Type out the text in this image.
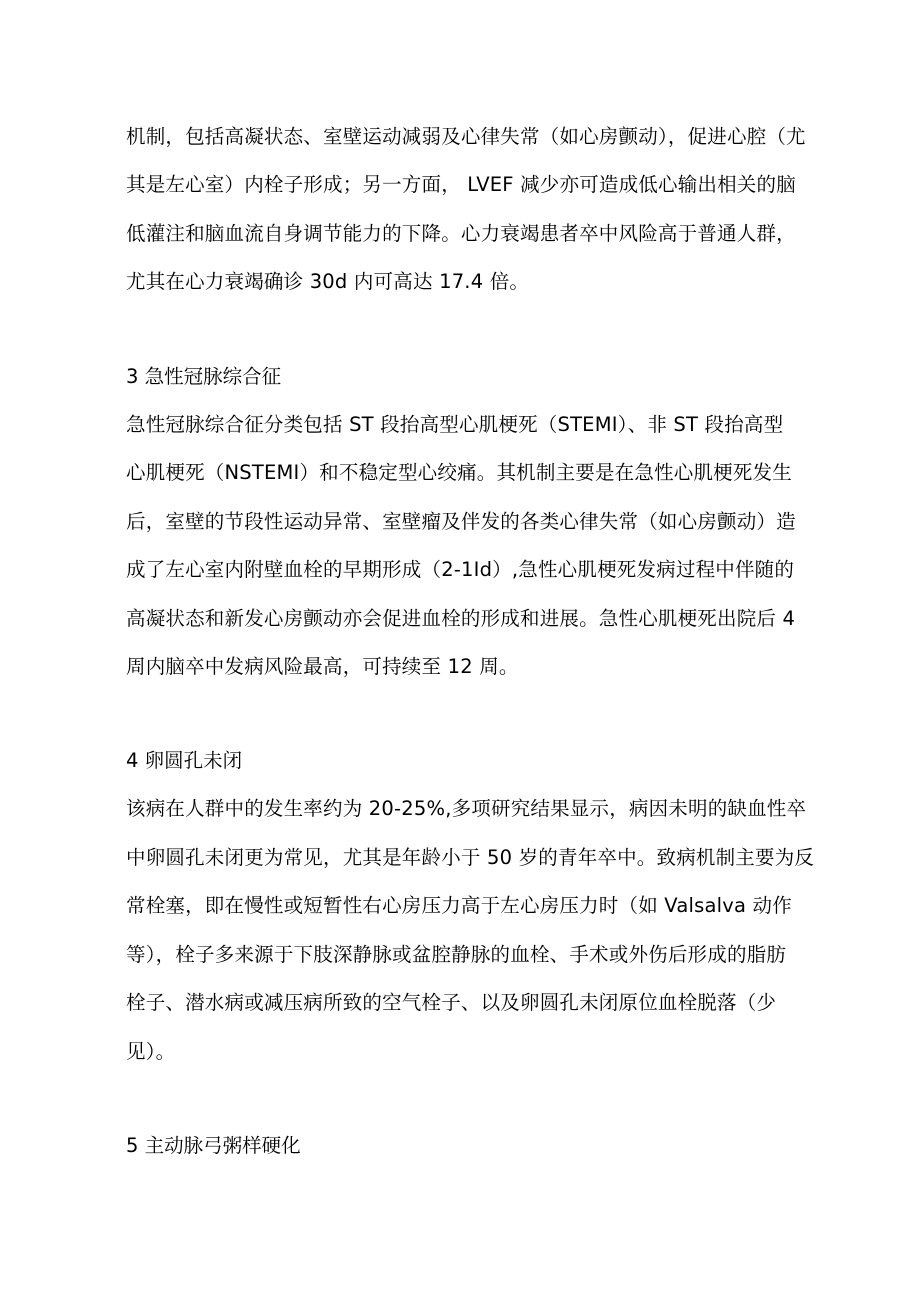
机制，包括高凝状态、室壁运动减弱及心律失常（如心房颤动），促进心腔（尤
其是左心室）内栓子形成；另一方面， LVEF 减少亦可造成低心输出相关的脑
低灌注和脑血流自身调节能力的下降。心力衰竭患者卒中风险高于普通人群，
尤其在心力衰竭确诊 30d 内可高达 17.4 倍。
3 急性冠脉综合征
急性冠脉综合征分类包括 ST 段抬高型心肌梗死（STEMI）、非 ST 段抬高型
心肌梗死（NSTEMI）和不稳定型心绞痛。其机制主要是在急性心肌梗死发生
后，室壁的节段性运动异常、室壁瘤及伴发的各类心律失常（如心房颤动）造
成了左心室内附壁血栓的早期形成（2-1Id）,急性心肌梗死发病过程中伴随的
高凝状态和新发心房颤动亦会促进血栓的形成和进展。急性心肌梗死出院后 4
周内脑卒中发病风险最高，可持续至 12 周。
4 卵圆孔未闭
该病在人群中的发生率约为 20-25%,多项研究结果显示，病因未明的缺血性卒
中卵圆孔未闭更为常见，尤其是年龄小于 50 岁的青年卒中。致病机制主要为反
常栓塞，即在慢性或短暂性右心房压力高于左心房压力时（如 Valsalva 动作
等），栓子多来源于下肢深静脉或盆腔静脉的血栓、手术或外伤后形成的脂肪
栓子、潜水病或减压病所致的空气栓子、以及卵圆孔未闭原位血栓脱落（少
见）。
5 主动脉弓粥样硬化
